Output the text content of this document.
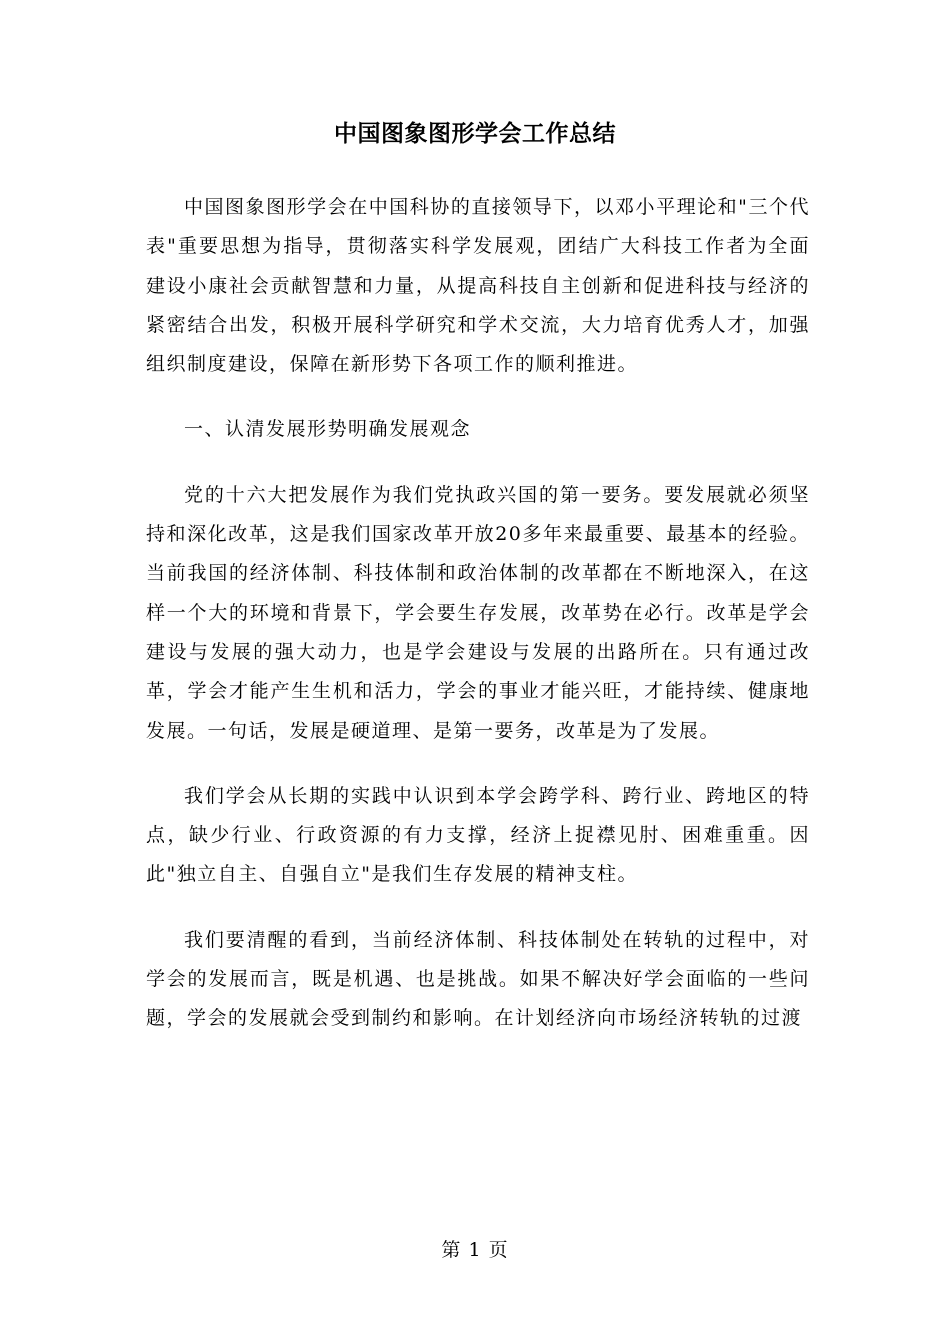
中国图象图形学会工作总结

中国图象图形学会在中国科协的直接领导下，以邓小平理论和"三个代表"重要思想为指导，贯彻落实科学发展观，团结广大科技工作者为全面建设小康社会贡献智慧和力量，从提高科技自主创新和促进科技与经济的紧密结合出发，积极开展科学研究和学术交流，大力培育优秀人才，加强组织制度建设，保障在新形势下各项工作的顺利推进。

一、认清发展形势明确发展观念

党的十六大把发展作为我们党执政兴国的第一要务。要发展就必须坚持和深化改革，这是我们国家改革开放20多年来最重要、最基本的经验。当前我国的经济体制、科技体制和政治体制的改革都在不断地深入，在这样一个大的环境和背景下，学会要生存发展，改革势在必行。改革是学会建设与发展的强大动力，也是学会建设与发展的出路所在。只有通过改革，学会才能产生生机和活力，学会的事业才能兴旺，才能持续、健康地发展。一句话，发展是硬道理、是第一要务，改革是为了发展。

我们学会从长期的实践中认识到本学会跨学科、跨行业、跨地区的特点，缺少行业、行政资源的有力支撑，经济上捉襟见肘、困难重重。因此"独立自主、自强自立"是我们生存发展的精神支柱。

我们要清醒的看到，当前经济体制、科技体制处在转轨的过程中，对学会的发展而言，既是机遇、也是挑战。如果不解决好学会面临的一些问题，学会的发展就会受到制约和影响。在计划经济向市场经济转轨的过渡

第 1 页
